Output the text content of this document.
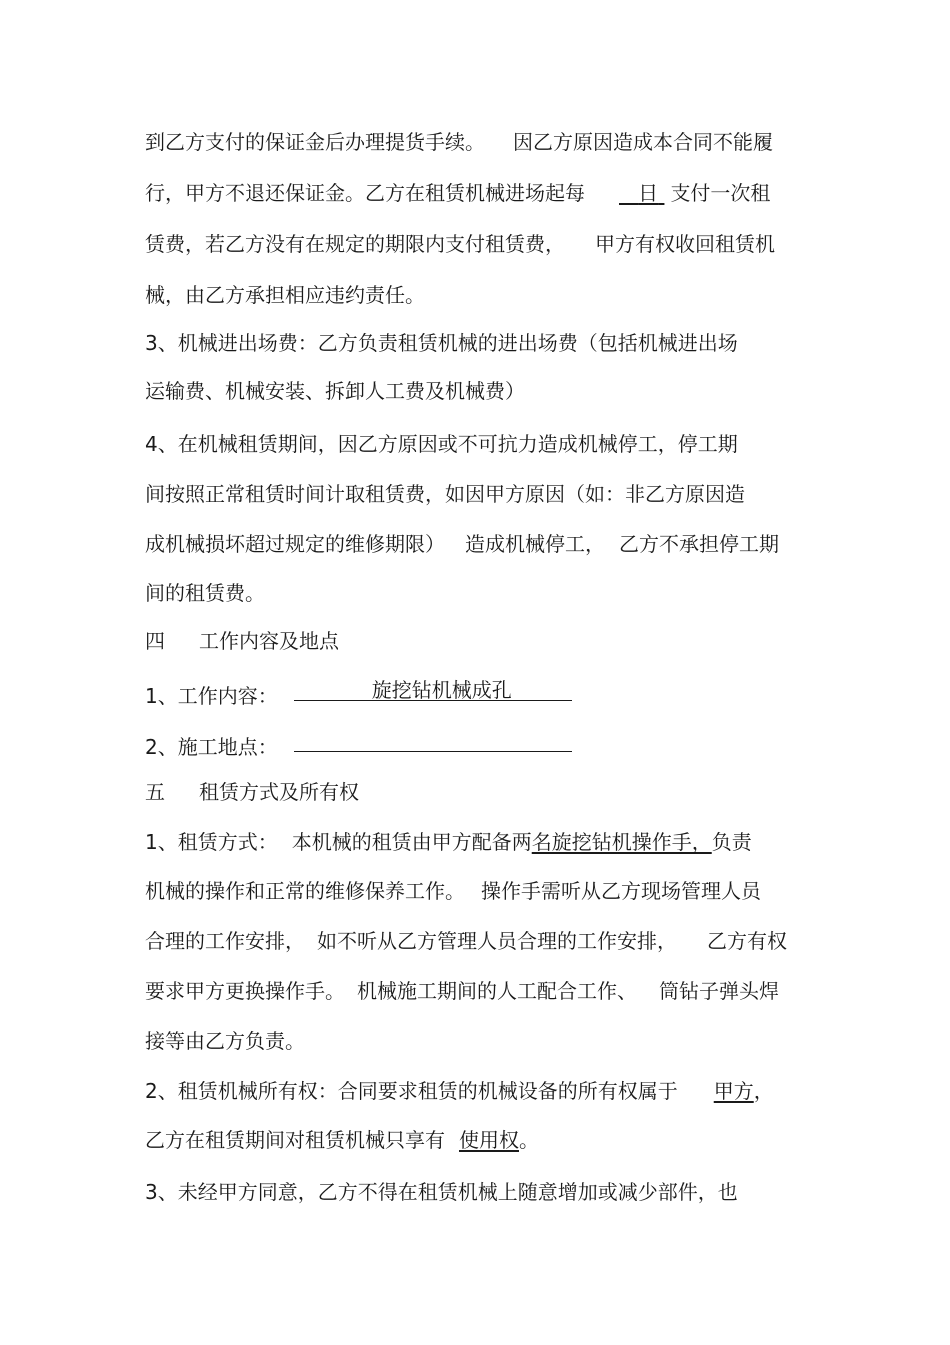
到乙方支付的保证金后办理提货手续。 因乙方原因造成本合同不能履
行，甲方不退还保证金。乙方在租赁机械进场起每	日 支付一次租
赁费，若乙方没有在规定的期限内支付租赁费， 甲方有权收回租赁机
械，由乙方承担相应违约责任。
3、机械进出场费：乙方负责租赁机械的进出场费（包括机械进出场
运输费、机械安装、拆卸人工费及机械费）
4、在机械租赁期间，因乙方原因或不可抗力造成机械停工，停工期
间按照正常租赁时间计取租赁费，如因甲方原因（如：非乙方原因造
成机械损坏超过规定的维修期限） 造成机械停工， 乙方不承担停工期
间的租赁费。
四 工作内容及地点
1、工作内容：	旋挖钻机械成孔
2、施工地点：
五 租赁方式及所有权
1、租赁方式： 本机械的租赁由甲方配备两名旋挖钻机操作手，负责
机械的操作和正常的维修保养工作。 操作手需听从乙方现场管理人员
合理的工作安排， 如不听从乙方管理人员合理的工作安排， 乙方有权
要求甲方更换操作手。 机械施工期间的人工配合工作、 筒钻子弹头焊
接等由乙方负责。
2、租赁机械所有权：合同要求租赁的机械设备的所有权属于 甲方，
乙方在租赁期间对租赁机械只享有 使用权。
3、未经甲方同意，乙方不得在租赁机械上随意增加或减少部件，也
